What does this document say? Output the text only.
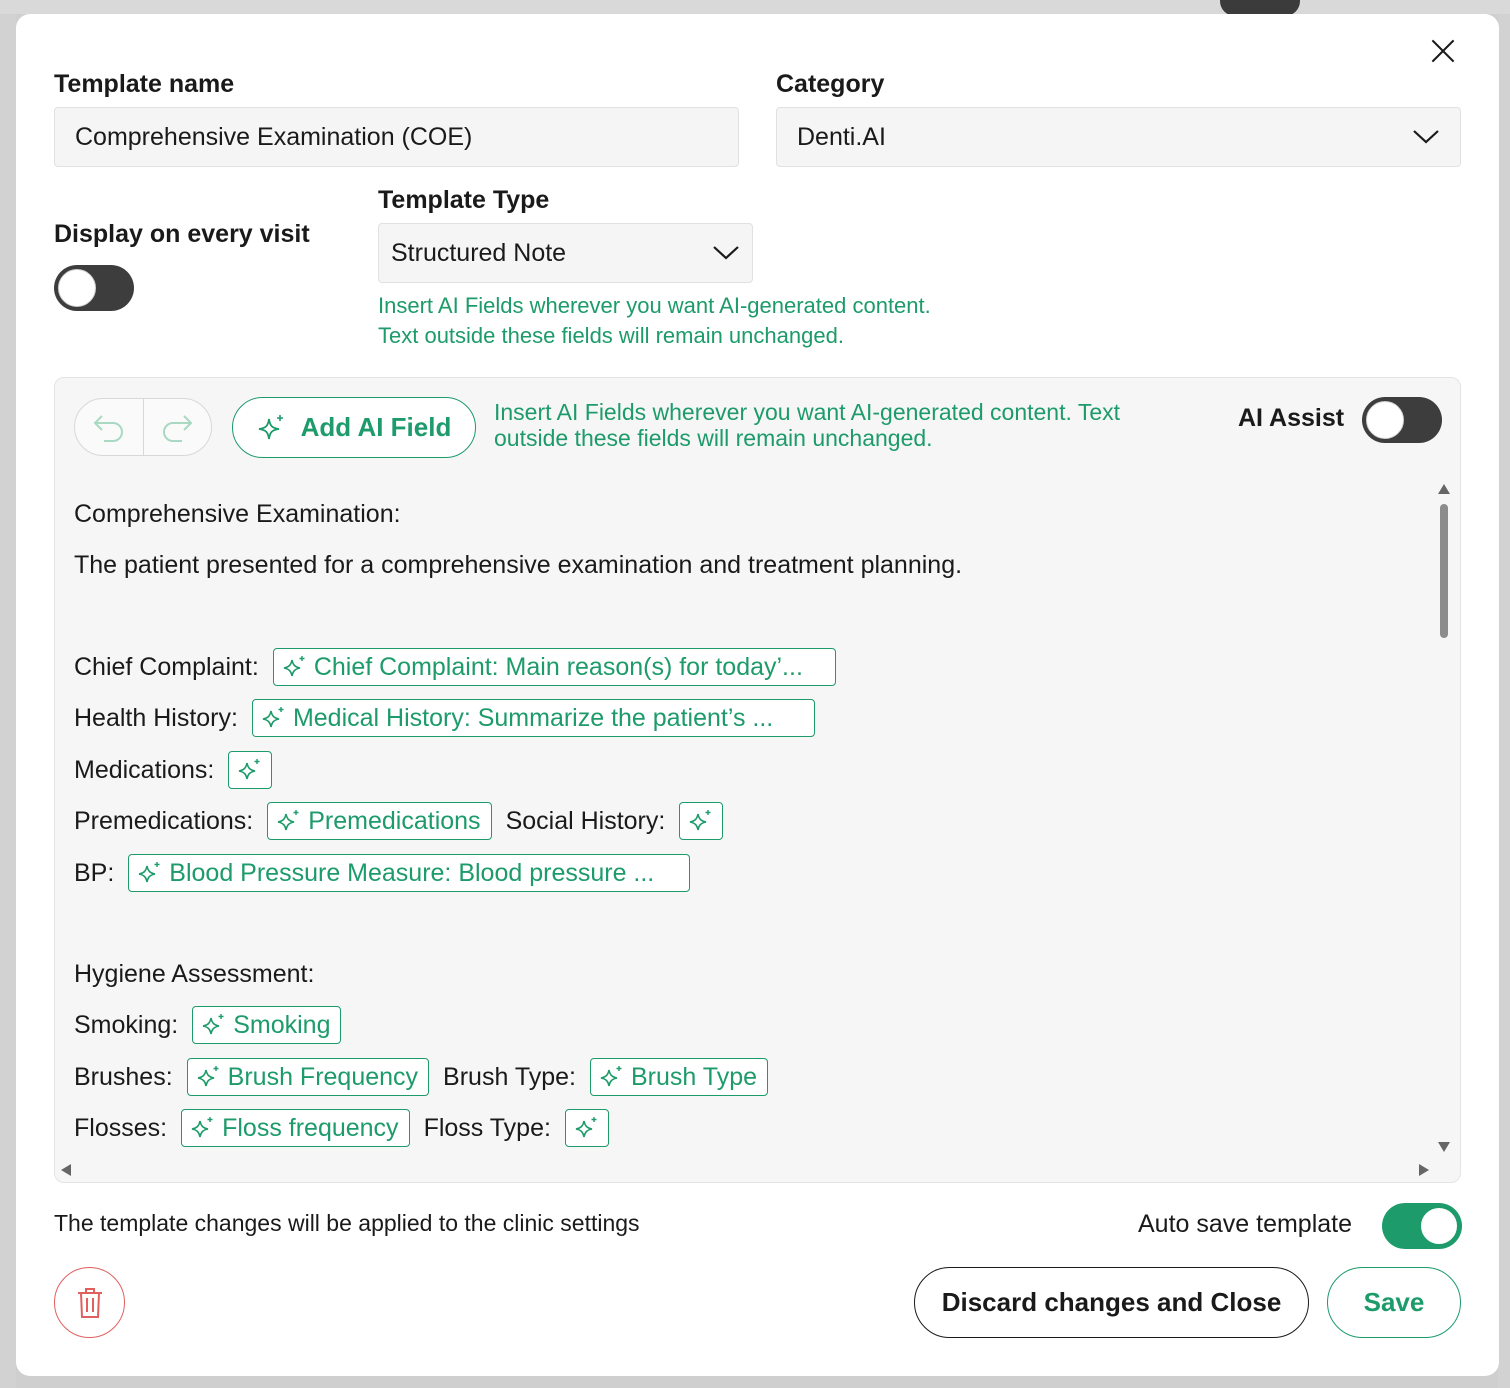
Template name
Comprehensive Examination (COE)
Category
Denti.AI
Display on every visit
Template Type
Structured Note
Insert AI Fields wherever you want AI-generated content.
Text outside these fields will remain unchanged.
Add AI Field Insert AI Fields wherever you want AI-generated content. Text
outside these fields will remain unchanged.
AI Assist
Comprehensive Examination:
The patient presented for a comprehensive examination and treatment planning.
Chief Complaint: Chief Complaint: Main reason(s) for today’...
Health History: Medical History: Summarize the patient’s ...
Medications:
Premedications: Premedications Social History:
BP: Blood Pressure Measure: Blood pressure ...
Hygiene Assessment:
Smoking: Smoking
Brushes: Brush Frequency Brush Type: Brush Type
Flosses: Floss frequency Floss Type:
The template changes will be applied to the clinic settings	Auto save template
Discard changes and Close	Save
